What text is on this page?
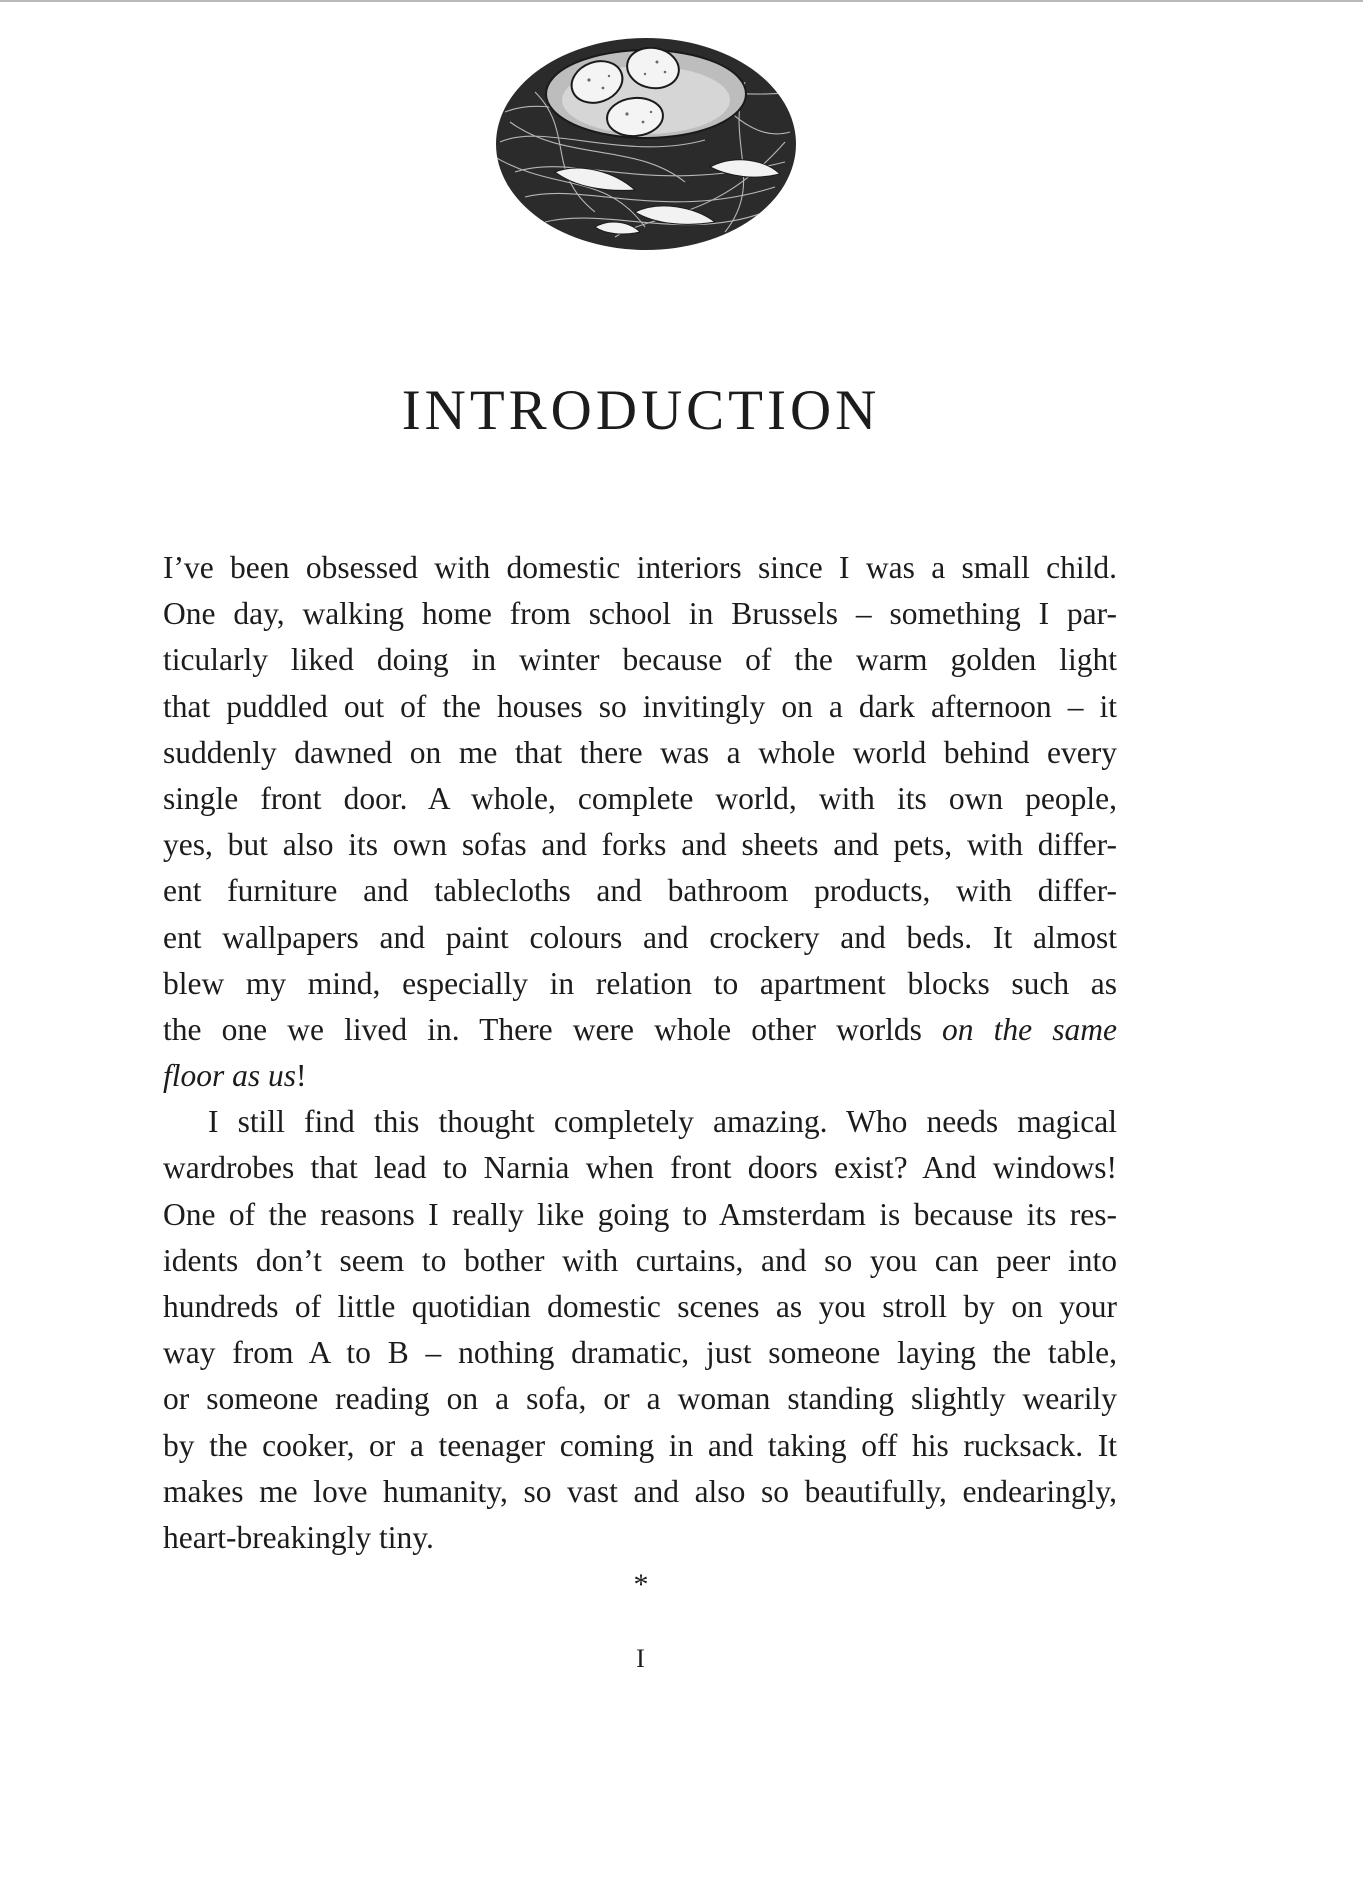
INTRODUCTION
I’ve been obsessed with domestic interiors since I was a small child.
One day, walking home from school in Brussels – something I par-
ticularly liked doing in winter because of the warm golden light
that puddled out of the houses so invitingly on a dark afternoon – it
suddenly dawned on me that there was a whole world behind every
single front door. A whole, complete world, with its own people,
yes, but also its own sofas and forks and sheets and pets, with differ-
ent furniture and tablecloths and bathroom products, with differ-
ent wallpapers and paint colours and crockery and beds. It almost
blew my mind, especially in relation to apartment blocks such as
the one we lived in. There were whole other worlds on the same
floor as us!
I still find this thought completely amazing. Who needs magical
wardrobes that lead to Narnia when front doors exist? And windows!
One of the reasons I really like going to Amsterdam is because its res-
idents don’t seem to bother with curtains, and so you can peer into
hundreds of little quotidian domestic scenes as you stroll by on your
way from A to B – nothing dramatic, just someone laying the table,
or someone reading on a sofa, or a woman standing slightly wearily
by the cooker, or a teenager coming in and taking off his rucksack. It
makes me love humanity, so vast and also so beautifully, endearingly,
heart-breakingly tiny.
*
I
